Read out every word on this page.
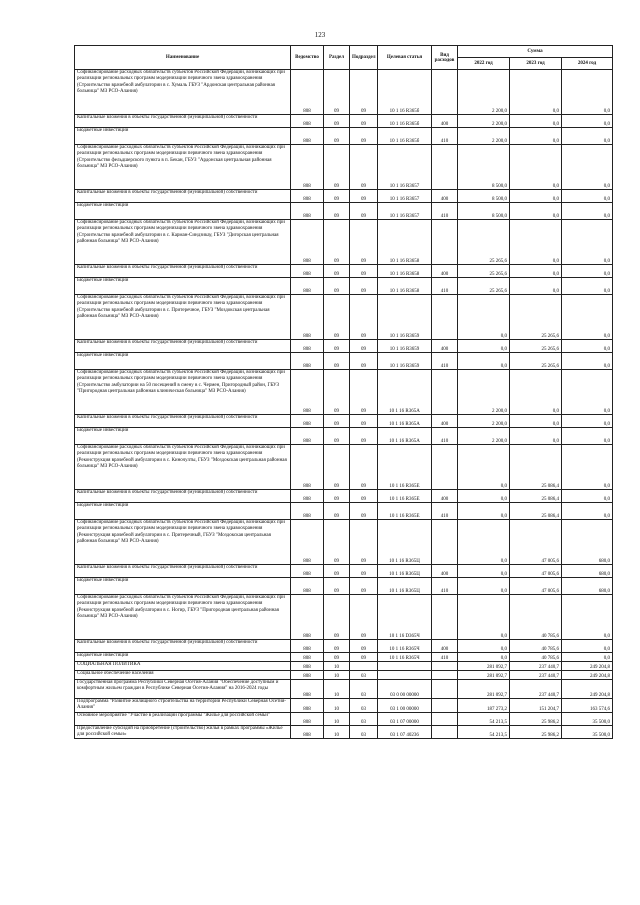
123
Наименование	Ведомство	Раздел	Подраздел	Целевая статья	Вид расходов	Сумма		
						2022 год	2023 год	2024 год
Софинансирование расходных обязательств субъектов Российской Федерации, возникающих при реализации региональных программ модернизации первичного звена здравоохранения (Строительство врачебной амбулатории в с. Хумаль ГБУЗ "Ардонская центральная районная больница" МЗ РСО-Алания)	808	09	09	10 1 16 R365б		2 200,0	0,0	0,0
Капитальные вложения в объекты государственной (муниципальной) собственности	808	09	09	10 1 16 R365б	400	2 200,0	0,0	0,0
Бюджетные инвестиции	808	09	09	10 1 16 R365б	410	2 200,0	0,0	0,0
Софинансирование расходных обязательств субъектов Российской Федерации, возникающих при реализации региональных программ модернизации первичного звена здравоохранения (Строительство фельдшерского пункта в п. Бекан, ГБУЗ "Ардонская центральная районная больница" МЗ РСО-Алания)	808	09	09	10 1 16 R3657		8 500,0	0,0	0,0
Капитальные вложения в объекты государственной (муниципальной) собственности	808	09	09	10 1 16 R3657	400	8 500,0	0,0	0,0
Бюджетные инвестиции	808	09	09	10 1 16 R3657	410	8 500,0	0,0	0,0
Софинансирование расходных обязательств субъектов Российской Федерации, возникающих при реализации региональных программ модернизации первичного звена здравоохранения (Строительство врачебной амбулатории в с. Карман-Синдзикау, ГБУЗ "Дигорская центральная районная больница" МЗ РСО-Алания)	808	09	09	10 1 16 R3658		25 265,6	0,0	0,0
Капитальные вложения в объекты государственной (муниципальной) собственности	808	09	09	10 1 16 R3658	400	25 265,6	0,0	0,0
Бюджетные инвестиции	808	09	09	10 1 16 R3658	410	25 265,6	0,0	0,0
Софинансирование расходных обязательств субъектов Российской Федерации, возникающих при реализации региональных программ модернизации первичного звена здравоохранения (Строительство врачебной амбулатории в с. Притеречное, ГБУЗ "Моздокская центральная районная больница" МЗ РСО-Алания)	808	09	09	10 1 16 R3659		0,0	25 265,6	0,0
Капитальные вложения в объекты государственной (муниципальной) собственности	808	09	09	10 1 16 R3659	400	0,0	25 265,6	0,0
Бюджетные инвестиции	808	09	09	10 1 16 R3659	410	0,0	25 265,6	0,0
Софинансирование расходных обязательств субъектов Российской Федерации, возникающих при реализации региональных программ модернизации первичного звена здравоохранения (Строительство амбулатории на 50 посещений в смену в с. Чермен, Пригородный район, ГБУЗ "Пригородная центральная районная клиническая больница" МЗ РСО-Алания)	808	09	09	10 1 16 R365А		2 200,0	0,0	0,0
Капитальные вложения в объекты государственной (муниципальной) собственности	808	09	09	10 1 16 R365А	400	2 200,0	0,0	0,0
Бюджетные инвестиции	808	09	09	10 1 16 R365А	410	2 200,0	0,0	0,0
Софинансирование расходных обязательств субъектов Российской Федерации, возникающих при реализации региональных программ модернизации первичного звена здравоохранения (Реконструкция врачебной амбулатории в с. Киночулты, ГБУЗ "Моздокская центральная районная больница" МЗ РСО-Алания)	808	09	09	10 1 16 R365Е		0,0	25 086,4	0,0
Капитальные вложения в объекты государственной (муниципальной) собственности	808	09	09	10 1 16 R365Е	400	0,0	25 086,4	0,0
Бюджетные инвестиции	808	09	09	10 1 16 R365Е	410	0,0	25 086,4	0,0
Софинансирование расходных обязательств субъектов Российской Федерации, возникающих при реализации региональных программ модернизации первичного звена здравоохранения (Реконструкция врачебной амбулатории в с. Притеречный, ГБУЗ "Моздокская центральная районная больница" МЗ РСО-Алания)	808	09	09	10 1 16 R365Ц		0,0	47 005,6	680,0
Капитальные вложения в объекты государственной (муниципальной) собственности	808	09	09	10 1 16 R365Ц	400	0,0	47 005,6	680,0
Бюджетные инвестиции	808	09	09	10 1 16 R365Ц	410	0,0	47 005,6	680,0
Софинансирование расходных обязательств субъектов Российской Федерации, возникающих при реализации региональных программ модернизации первичного звена здравоохранения (Реконструкция врачебной амбулатории в с. Ногир, ГБУЗ "Пригородная центральная районная больница" МЗ РСО-Алания)	808	09	09	10 1 16 D365Ч		0,0	40 785,6	0,0
Капитальные вложения в объекты государственной (муниципальной) собственности	808	09	09	10 1 16 R365Ч	400	0,0	40 785,6	0,0
Бюджетные инвестиции	808	09	09	10 1 16 R365Ч	410	0,0	40 785,6	0,0
СОЦИАЛЬНАЯ ПОЛИТИКА	808	10				281 092,7	237 440,7	249 204,8
Социальное обеспечение населения	808	10	03			281 092,7	237 440,7	249 204,8
Государственная программа Республики Северная Осетия-Алания "Обеспечение доступным и комфортным жильем граждан в Республике Северная Осетия-Алания" на 2016-2024 годы	808	10	03	03 0 00 00000		281 092,7	237 440,7	249 204,8
Подпрограмма "Развитие жилищного строительства на территории Республики Северная Осетия-Алания"	808	10	03	03 1 00 00000		187 273,2	151 204,7	163 574,6
Основное мероприятие "Участие в реализации программы "Жилье для российской семьи"	808	10	03	03 1 07 00000		54 213,5	25 986,2	35 500,0
Предоставление субсидий на приобретение (строительство) жилья в рамках программы «Жилье для российской семьи»	808	10	03	03 1 07 40236		54 213,5	25 986,2	35 500,0
